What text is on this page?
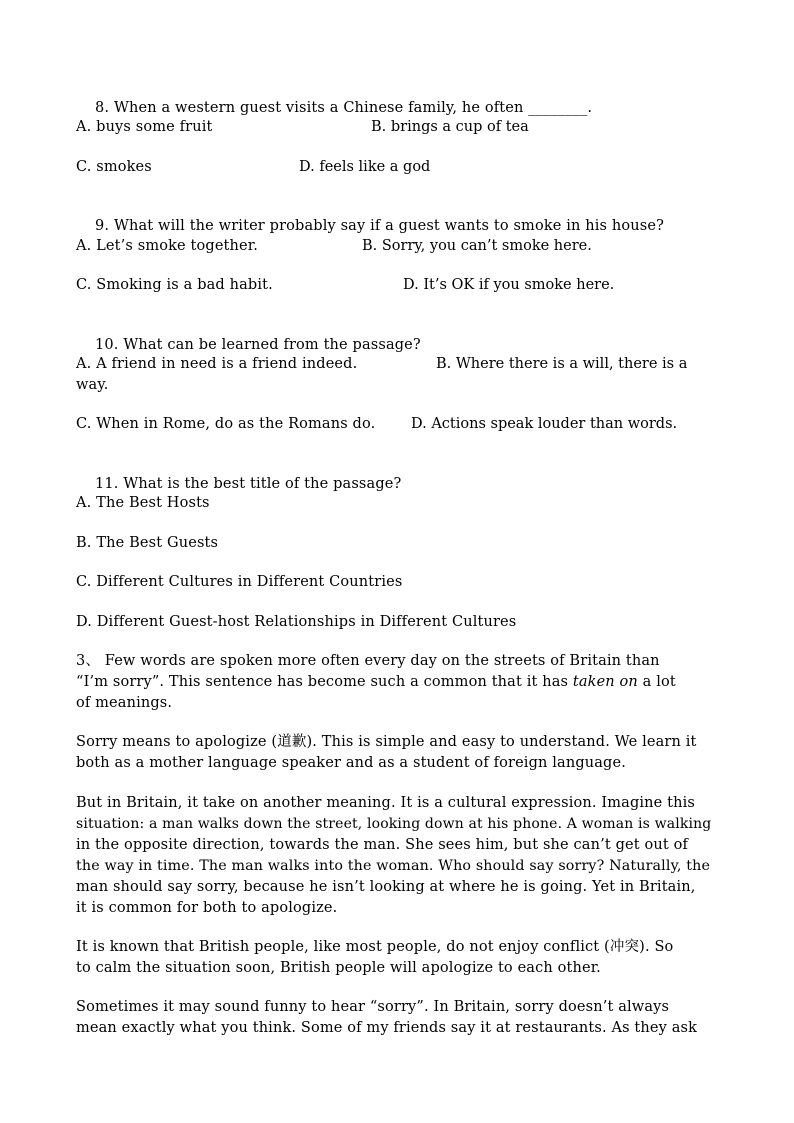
8. When a western guest visits a Chinese family, he often ________.

A. buys some fruit	B. brings a cup of tea
C. smokes	D. feels like a god

9. What will the writer probably say if a guest wants to smoke in his house?

A. Let’s smoke together.	B. Sorry, you can’t smoke here.
C. Smoking is a bad habit.	D. It’s OK if you smoke here.

10. What can be learned from the passage?

A. A friend in need is a friend indeed.	B. Where there is a will, there is a
way.
C. When in Rome, do as the Romans do. D. Actions speak louder than words.

11. What is the best title of the passage?

A. The Best Hosts
B. The Best Guests
C. Different Cultures in Different Countries
D. Different Guest-host Relationships in Different Cultures
3、 Few words are spoken more often every day on the streets of Britain than
“I’m sorry”. This sentence has become such a common that it has taken on a lot
of meanings.
Sorry means to apologize (道歉). This is simple and easy to understand. We learn it
both as a mother language speaker and as a student of foreign language.
But in Britain, it take on another meaning. It is a cultural expression. Imagine this
situation: a man walks down the street, looking down at his phone. A woman is walking
in the opposite direction, towards the man. She sees him, but she can’t get out of
the way in time. The man walks into the woman. Who should say sorry? Naturally, the
man should say sorry, because he isn’t looking at where he is going. Yet in Britain,
it is common for both to apologize.
It is known that British people, like most people, do not enjoy conflict (冲突). So
to calm the situation soon, British people will apologize to each other.
Sometimes it may sound funny to hear “sorry”. In Britain, sorry doesn’t always
mean exactly what you think. Some of my friends say it at restaurants. As they ask
